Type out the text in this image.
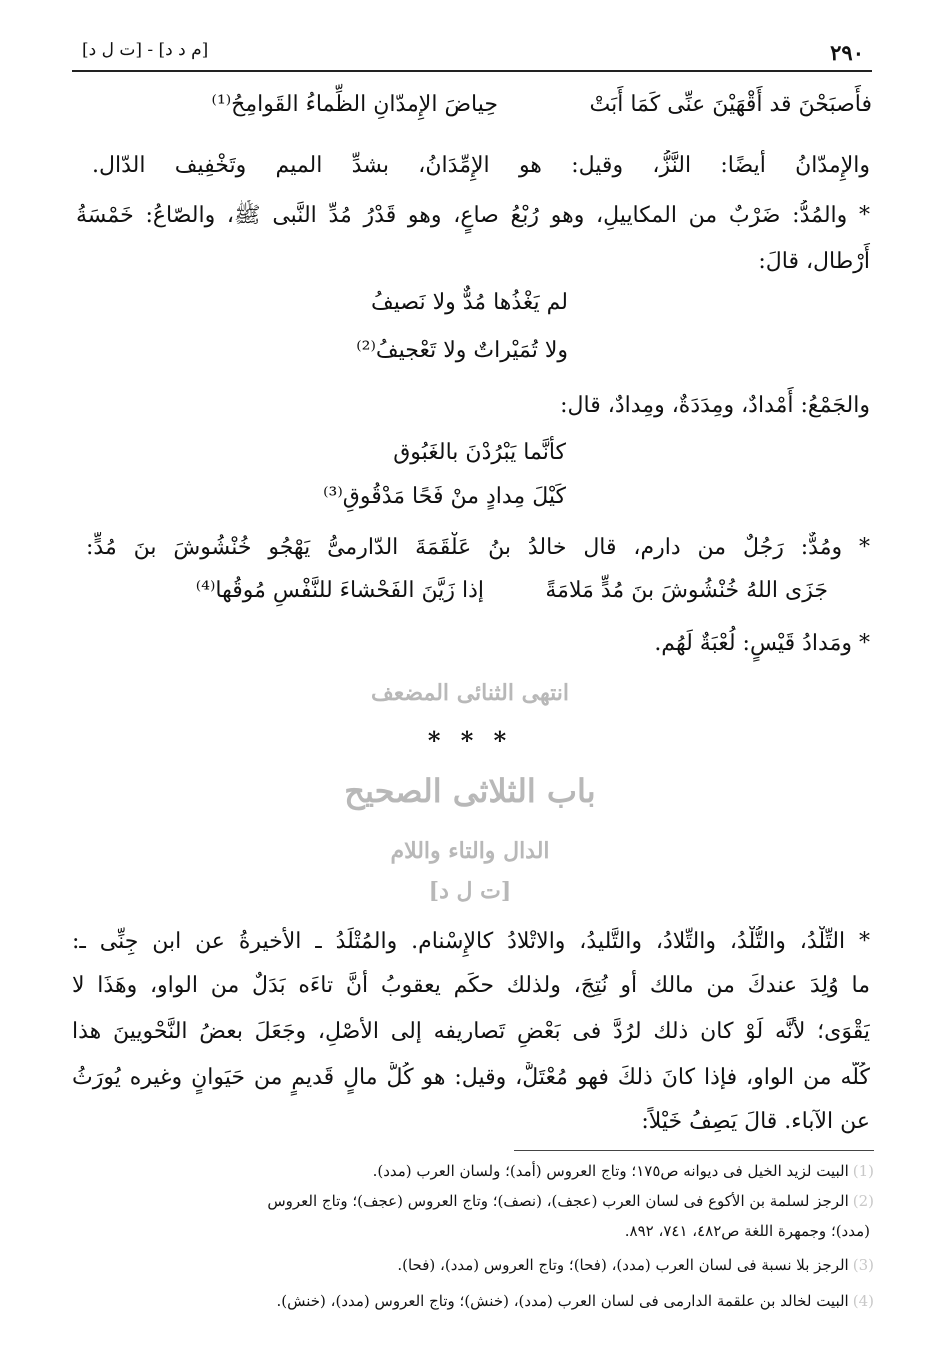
[م د د] - [ت ل د]	٢٩٠
فأَصبَحْنَ قد أَقْهَيْنَ عنِّى كَمَا أَبَتْ
حِياضَ الإِمدّانِ الظِّماءُ القَوامِحُ⁽¹⁾
والإِمدّانُ أيضًا: النَّزُّ، وقيل: هو الإِمِّدَانُ، بشدِّ الميم وتَخْفِيف الدّال.
* والمُدُّ: ضَرْبٌ من المكاييلِ، وهو رُبْعُ صاعٍ، وهو قَدْرُ مُدِّ النَّبى ﷺ، والصّاعُ: خَمْسَةُ
أَرْطال، قالَ:
لم يَغْذُها مُدٌّ ولا نَصيفُ
ولا تُمَيْراتٌ ولا تَعْجيفُ⁽²⁾
والجَمْعُ: أَمْدادٌ، ومِدَدَةٌ، ومِدادٌ، قال:
كأنَّما يَبْرُدْنَ بالغَبُوق
كَيْلَ مِدادٍ منْ فَحًا مَدْقُوقِ⁽³⁾
* ومُدٌّ: رَجُلٌ من دارم، قال خالدُ بنُ عَلْقَمَةَ الدّارمىُّ يَهْجُو خُنْشُوشَ بنَ مُدٍّ:
جَزَى اللهُ خُنْشُوشَ بنَ مُدٍّ مَلامَةً
إذا زَيَّنَ الفَحْشاءَ للنَّفْسِ مُوقُها⁽⁴⁾
* ومَدادُ قَيْسٍ: لُعْبَةٌ لَهُم.
انتهى الثنائى المضعف
* * *
باب الثلاثى الصحيح
الدال والتاء واللام
[ت ل د]
* التِّلْدُ، والتُّلْدُ، والتِّلادُ، والتَّليدُ، والاتْلادُ كالإِسْنام. والمُتْلَدُ ـ الأخيرةُ عن ابن جِنِّى ـ:
ما وُلِدَ عندكَ من مالك أو نُتِجَ، ولذلك حكَم يعقوبُ أَنَّ تاءَه بَدَلٌ من الواو، وهَذَا لا
يَقْوَى؛ لأنَّه لَوْ كان ذلك لرُدَّ فى بَعْضِ تَصاريفه إلى الأَصْلِ، وجَعَلَ بعضُ النَّحْويينَ هذا
كُلَّه من الواو، فإذا كانَ ذلكَ فهو مُعْتَلٌّ، وقيل: هو كُلُّ مالٍ قَديمٍ من حَيَوانٍ وغيره يُورَثُ
عن الآباء. قالَ يَصِفُ خَيْلاً:
(1)البيت لزيد الخيل فى ديوانه ص١٧٥؛ وتاج العروس (أمد)؛ ولسان العرب (مدد).
(2)الرجز لسلمة بن الأكوع فى لسان العرب (عجف)، (نصف)؛ وتاج العروس (عجف)؛ وتاج العروس
(مدد)؛ وجمهرة اللغة ص٤٨٢، ٧٤١، ٨٩٢.
(3)الرجز بلا نسبة فى لسان العرب (مدد)، (فحا)؛ وتاج العروس (مدد)، (فحا).
(4)البيت لخالد بن علقمة الدارمى فى لسان العرب (مدد)، (خنش)؛ وتاج العروس (مدد)، (خنش).
